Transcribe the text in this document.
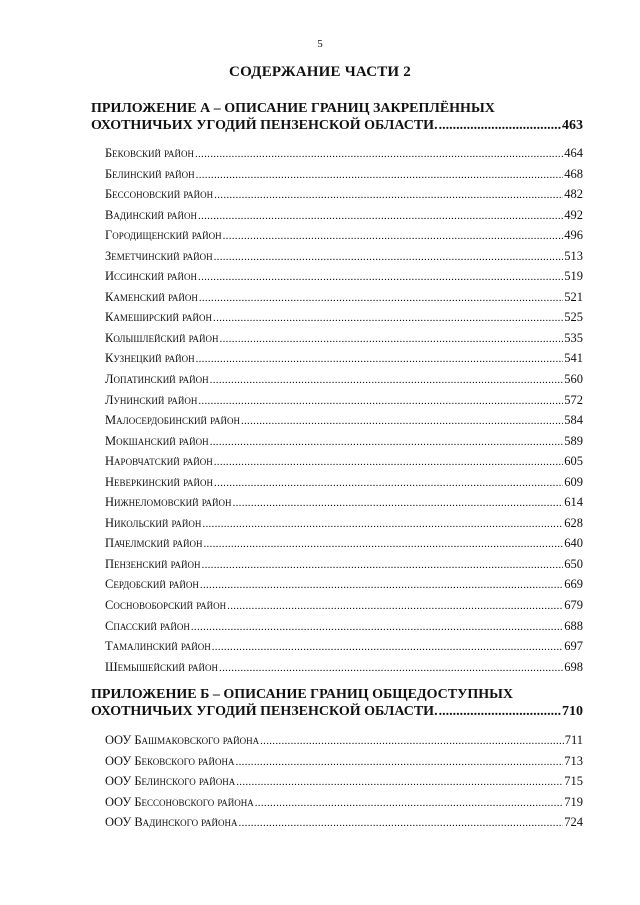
5
СОДЕРЖАНИЕ ЧАСТИ 2
ПРИЛОЖЕНИЕ А – ОПИСАНИЕ ГРАНИЦ ЗАКРЕПЛЁННЫХ
ОХОТНИЧЬИХ УГОДИЙ ПЕНЗЕНСКОЙ ОБЛАСТИ. .....	463
Бековский район .....	464
Белинский район .....	468
Бессоновский район .....	482
Вадинский район .....	492
Городищенский район .....	496
Земетчинский район .....	513
Иссинский район .....	519
Каменский район .....	521
Камеширский район .....	525
Колышлейский район .....	535
Кузнецкий район .....	541
Лопатинский район .....	560
Лунинский район .....	572
Малосердобинский район .....	584
Мокшанский район .....	589
Наровчатский район .....	605
Неверкинский район .....	609
Нижнеломовский район .....	614
Никольский район .....	628
Пачелмский район .....	640
Пензенский район .....	650
Сердобский район .....	669
Сосновоборский район .....	679
Спасский район .....	688
Тамалинский район .....	697
Шемышейский район .....	698
ПРИЛОЖЕНИЕ Б – ОПИСАНИЕ ГРАНИЦ ОБЩЕДОСТУПНЫХ
ОХОТНИЧЬИХ УГОДИЙ ПЕНЗЕНСКОЙ ОБЛАСТИ. .....	710
ООУ Башмаковского района .....	711
ООУ Бековского района .....	713
ООУ Белинского района .....	715
ООУ Бессоновского района .....	719
ООУ Вадинского района .....	724
